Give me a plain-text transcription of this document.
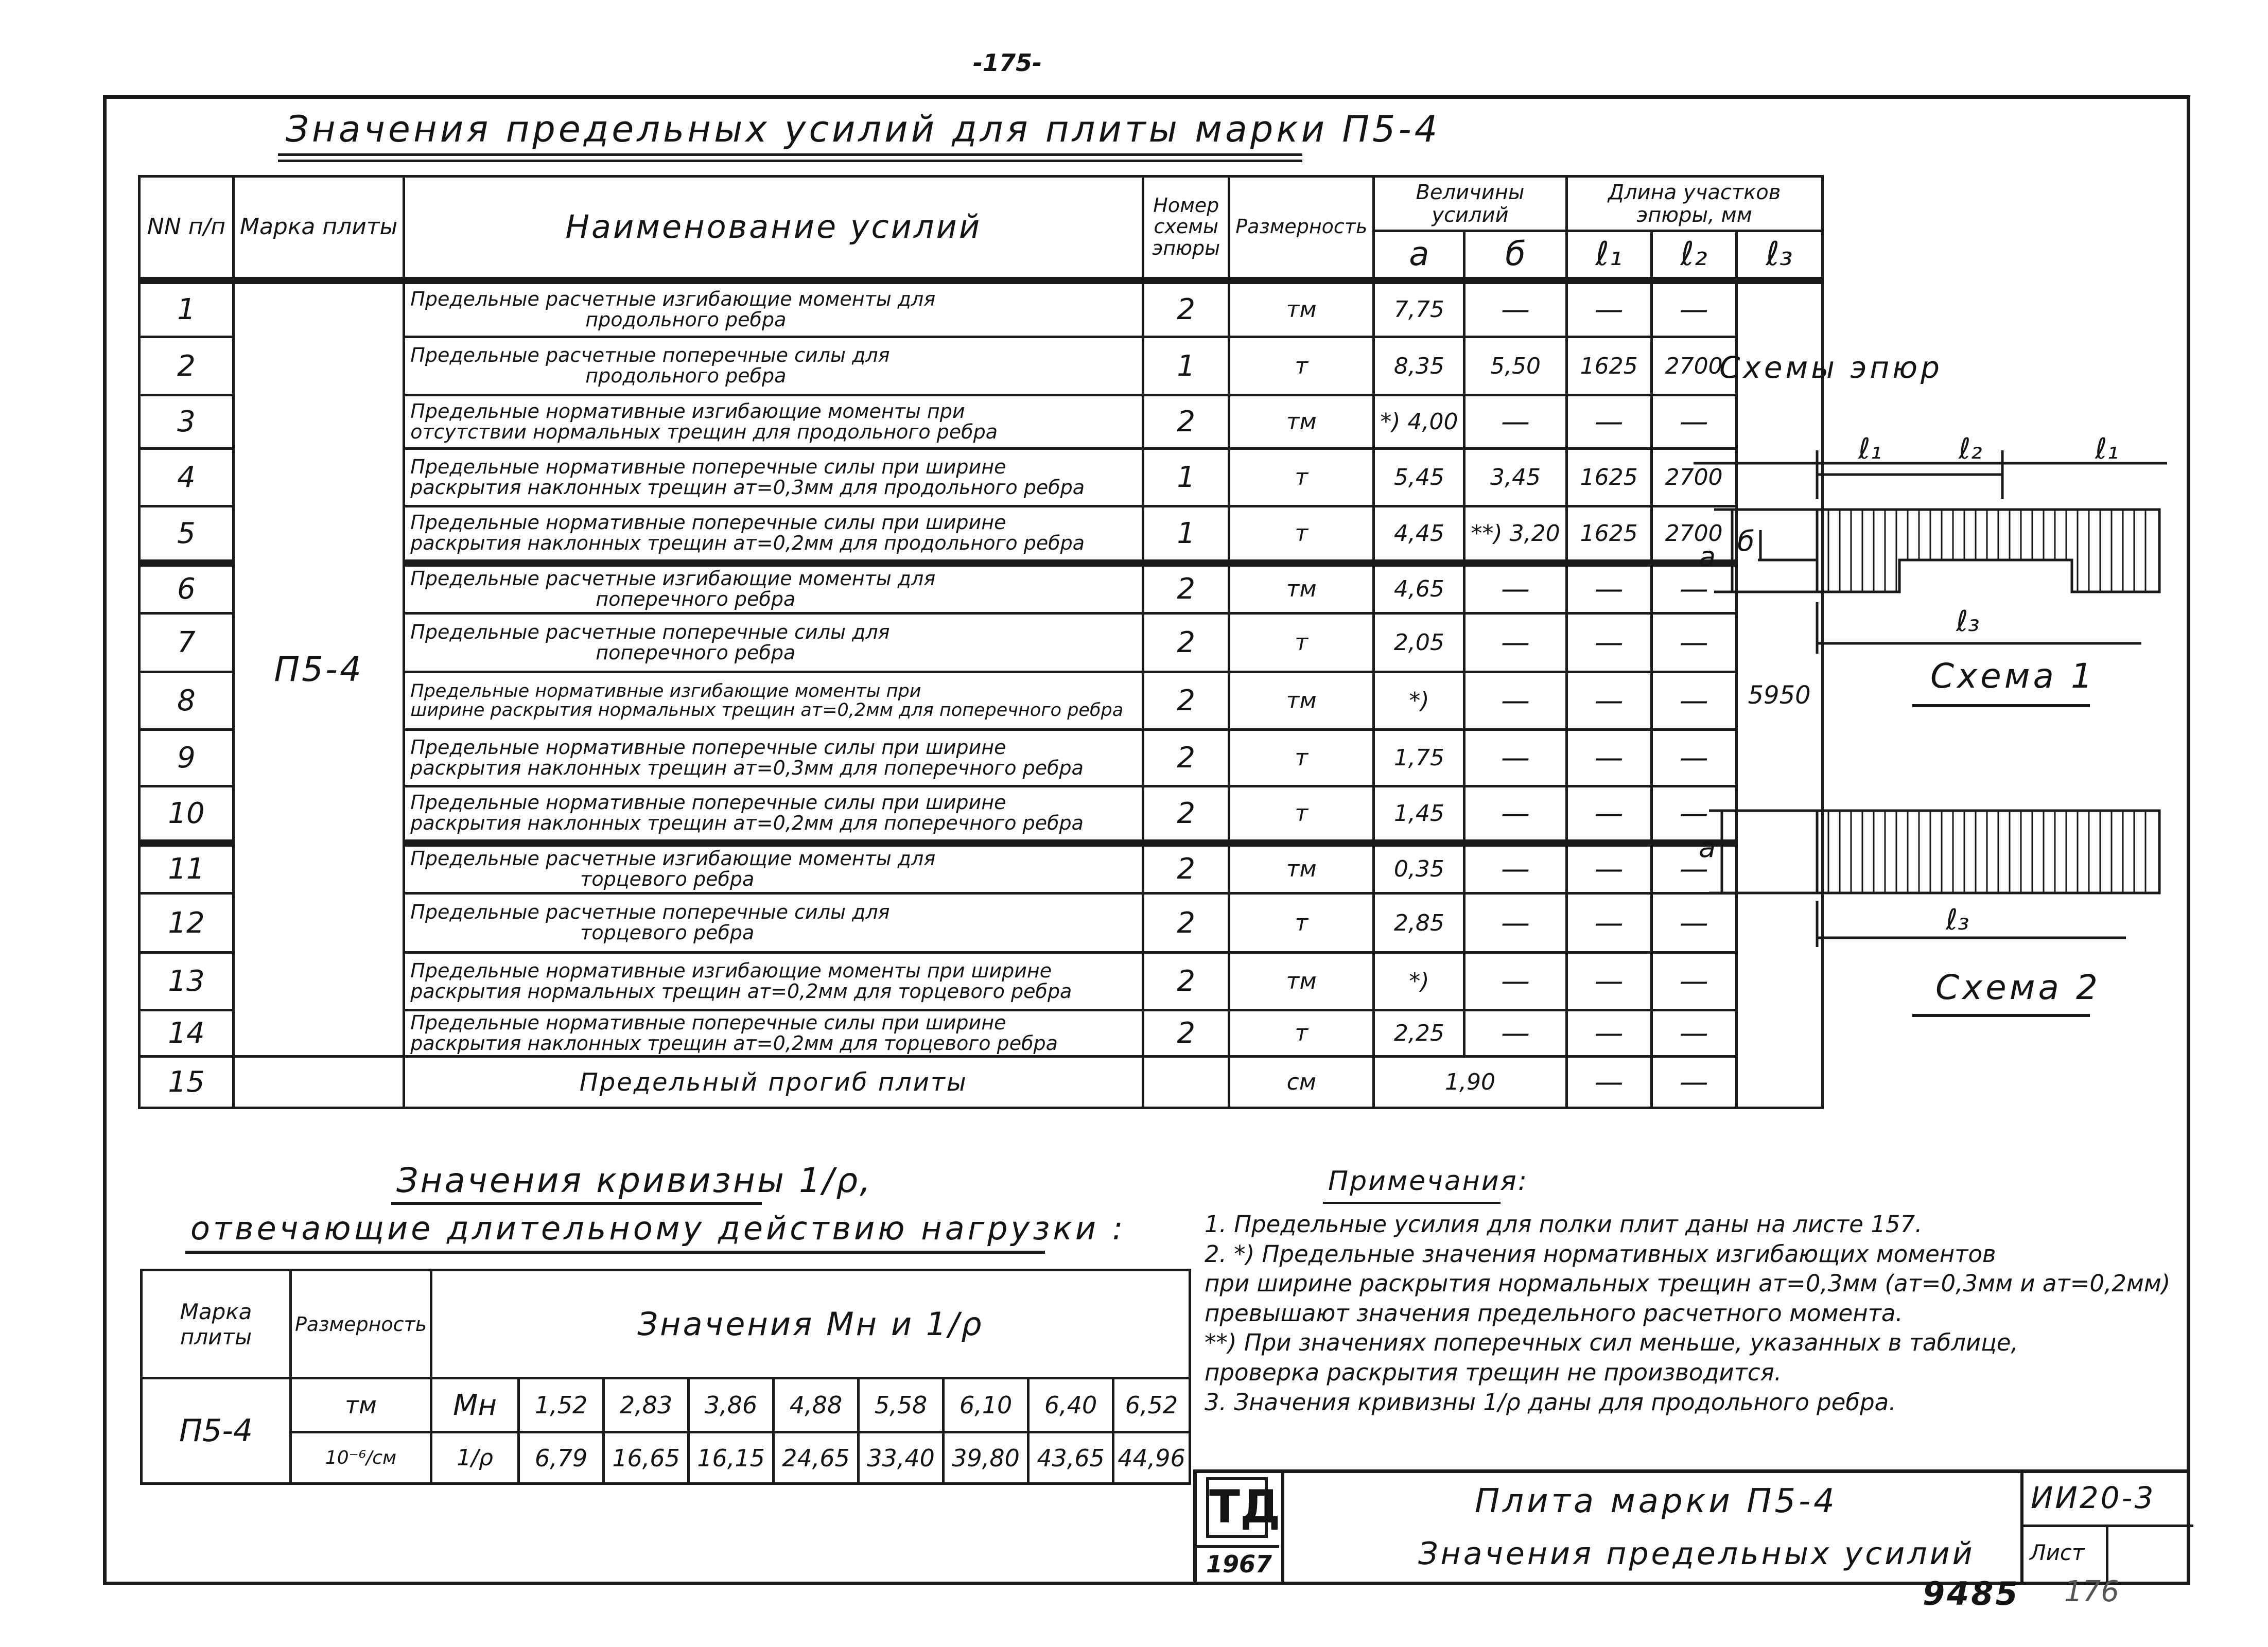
-175-
Значения предельных усилий для плиты марки П5-4
NN п/п	Марка плиты	Наименование усилий	Номер схемы эпюры	Размерность	Величины усилий		Длина участков эпюры, мм		
					а	б	ℓ₁	ℓ₂	ℓ₃
1	П5-4	Предельные расчетные изгибающие моменты для
продольного ребра	2	тм	7,75	—	—	—	5950
2		Предельные расчетные поперечные силы для
продольного ребра	1	т	8,35	5,50	1625	2700	
3		Предельные нормативные изгибающие моменты при
отсутствии нормальных трещин для продольного ребра	2	тм	*) 4,00	—	—	—	
4		Предельные нормативные поперечные силы при ширине
раскрытия наклонных трещин aт=0,3мм для продольного ребра	1	т	5,45	3,45	1625	2700	
5		Предельные нормативные поперечные силы при ширине
раскрытия наклонных трещин aт=0,2мм для продольного ребра	1	т	4,45	**) 3,20	1625	2700	
6		Предельные расчетные изгибающие моменты для
поперечного ребра	2	тм	4,65	—	—	—	
7		Предельные расчетные поперечные силы для
поперечного ребра	2	т	2,05	—	—	—	
8		Предельные нормативные изгибающие моменты при
ширине раскрытия нормальных трещин aт=0,2мм для поперечного ребра	2	тм	*)	—	—	—	
9		Предельные нормативные поперечные силы при ширине
раскрытия наклонных трещин aт=0,3мм для поперечного ребра	2	т	1,75	—	—	—	
10		Предельные нормативные поперечные силы при ширине
раскрытия наклонных трещин aт=0,2мм для поперечного ребра	2	т	1,45	—	—	—	
11		Предельные расчетные изгибающие моменты для
торцевого ребра	2	тм	0,35	—	—	—	
12		Предельные расчетные поперечные силы для
торцевого ребра	2	т	2,85	—	—	—	
13		Предельные нормативные изгибающие моменты при ширине
раскрытия нормальных трещин aт=0,2мм для торцевого ребра	2	тм	*)	—	—	—	
14		Предельные нормативные поперечные силы при ширине
раскрытия наклонных трещин aт=0,2мм для торцевого ребра	2	т	2,25	—	—	—	
15		Предельный прогиб плиты		см	1,90		—	—	
Схемы эпюр
ℓ₁	ℓ₂	ℓ₁
а б
ℓ₃
Схема 1
а
ℓ₃
Схема 2
Значения кривизны 1/ρ,
отвечающие длительному действию нагрузки :
Марка плиты	Размерность	Значения Mн и 1/ρ								
П5-4	тм	Mн	1,52	2,83	3,86	4,88	5,58	6,10	6,40	6,52
	10⁻⁶/см	1/ρ	6,79	16,65	16,15	24,65	33,40	39,80	43,65	44,96
Примечания:
1. Предельные усилия для полки плит даны на листе 157.
2. *) Предельные значения нормативных изгибающих моментов
при ширине раскрытия нормальных трещин aт=0,3мм (aт=0,3мм и aт=0,2мм)
превышают значения предельного расчетного момента.
**) При значениях поперечных сил меньше, указанных в таблице,
проверка раскрытия трещин не производится.
3. Значения кривизны 1/ρ даны для продольного ребра.
ТД
1967
Плита марки П5-4
Значения предельных усилий
ИИ20-3
Лист
9485 176
